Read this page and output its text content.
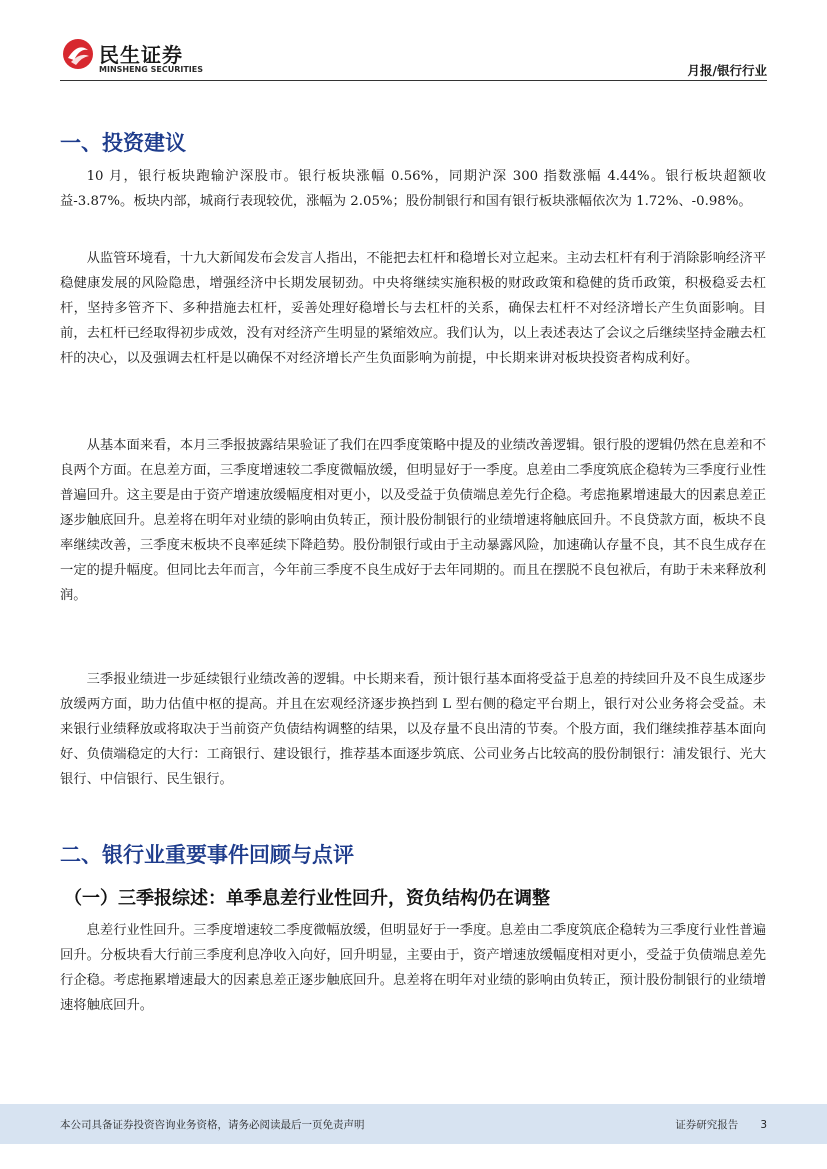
民生证券
MINSHENG SECURITIES	月报/银行行业
一、投资建议

10 月，银行板块跑输沪深股市。银行板块涨幅 0.56%，同期沪深 300 指数涨幅 4.44%。银行板块超额收益-3.87%。板块内部，城商行表现较优，涨幅为 2.05%；股份制银行和国有银行板块涨幅依次为 1.72%、-0.98%。

从监管环境看，十九大新闻发布会发言人指出，不能把去杠杆和稳增长对立起来。主动去杠杆有利于消除影响经济平稳健康发展的风险隐患，增强经济中长期发展韧劲。中央将继续实施积极的财政政策和稳健的货币政策，积极稳妥去杠杆，坚持多管齐下、多种措施去杠杆，妥善处理好稳增长与去杠杆的关系，确保去杠杆不对经济增长产生负面影响。目前，去杠杆已经取得初步成效，没有对经济产生明显的紧缩效应。我们认为，以上表述表达了会议之后继续坚持金融去杠杆的决心，以及强调去杠杆是以确保不对经济增长产生负面影响为前提，中长期来讲对板块投资者构成利好。

从基本面来看，本月三季报披露结果验证了我们在四季度策略中提及的业绩改善逻辑。银行股的逻辑仍然在息差和不良两个方面。在息差方面，三季度增速较二季度微幅放缓，但明显好于一季度。息差由二季度筑底企稳转为三季度行业性普遍回升。这主要是由于资产增速放缓幅度相对更小，以及受益于负债端息差先行企稳。考虑拖累增速最大的因素息差正逐步触底回升。息差将在明年对业绩的影响由负转正，预计股份制银行的业绩增速将触底回升。不良贷款方面，板块不良率继续改善，三季度末板块不良率延续下降趋势。股份制银行或由于主动暴露风险，加速确认存量不良，其不良生成存在一定的提升幅度。但同比去年而言，今年前三季度不良生成好于去年同期的。而且在摆脱不良包袱后，有助于未来释放利润。

三季报业绩进一步延续银行业绩改善的逻辑。中长期来看，预计银行基本面将受益于息差的持续回升及不良生成逐步放缓两方面，助力估值中枢的提高。并且在宏观经济逐步换挡到 L 型右侧的稳定平台期上，银行对公业务将会受益。未来银行业绩释放或将取决于当前资产负债结构调整的结果，以及存量不良出清的节奏。个股方面，我们继续推荐基本面向好、负债端稳定的大行：工商银行、建设银行，推荐基本面逐步筑底、公司业务占比较高的股份制银行：浦发银行、光大银行、中信银行、民生银行。

二、银行业重要事件回顾与点评
（一）三季报综述：单季息差行业性回升，资负结构仍在调整

息差行业性回升。三季度增速较二季度微幅放缓，但明显好于一季度。息差由二季度筑底企稳转为三季度行业性普遍回升。分板块看大行前三季度利息净收入向好，回升明显，主要由于，资产增速放缓幅度相对更小，受益于负债端息差先行企稳。考虑拖累增速最大的因素息差正逐步触底回升。息差将在明年对业绩的影响由负转正，预计股份制银行的业绩增速将触底回升。

本公司具备证券投资咨询业务资格，请务必阅读最后一页免责声明	证券研究报告 3
